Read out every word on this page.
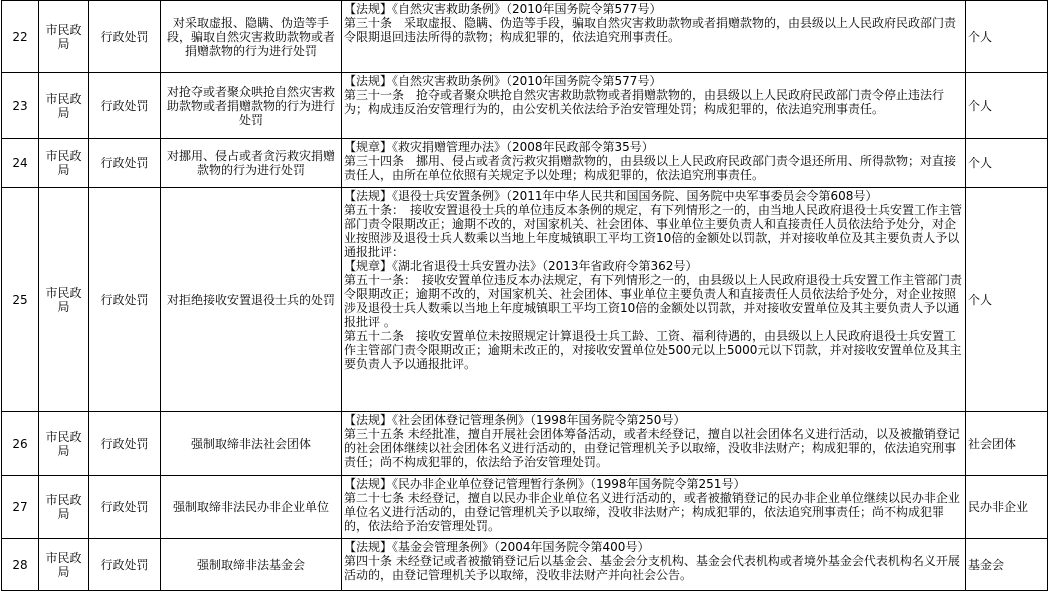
22	市民政局	行政处罚	对采取虚报、隐瞒、伪造等手段，骗取自然灾害救助款物或者捐赠款物的行为进行处罚	【法规】《自然灾害救助条例》（2010年国务院令第577号）
第三十条　采取虚报、隐瞒、伪造等手段，骗取自然灾害救助款物或者捐赠款物的，由县级以上人民政府民政部门责令限期退回违法所得的款物；构成犯罪的，依法追究刑事责任。	个人
23	市民政局	行政处罚	对抢夺或者聚众哄抢自然灾害救助款物或者捐赠款物的行为进行处罚	【法规】《自然灾害救助条例》（2010年国务院令第577号）
第三十一条　抢夺或者聚众哄抢自然灾害救助款物或者捐赠款物的，由县级以上人民政府民政部门责令停止违法行为；构成违反治安管理行为的，由公安机关依法给予治安管理处罚；构成犯罪的，依法追究刑事责任。	个人
24	市民政局	行政处罚	对挪用、侵占或者贪污救灾捐赠款物的行为进行处罚	【规章】《救灾捐赠管理办法》（2008年民政部令第35号）
第三十四条　挪用、侵占或者贪污救灾捐赠款物的，由县级以上人民政府民政部门责令退还所用、所得款物；对直接责任人，由所在单位依照有关规定予以处理；构成犯罪的，依法追究刑事责任。	个人
25	市民政局	行政处罚	对拒绝接收安置退役士兵的处罚	【法规】《退役士兵安置条例》（2011年中华人民共和国国务院、国务院中央军事委员会令第608号）
第五十条：　接收安置退役士兵的单位违反本条例的规定，有下列情形之一的，由当地人民政府退役士兵安置工作主管部门责令限期改正；逾期不改的，对国家机关、社会团体、事业单位主要负责人和直接责任人员依法给予处分，对企业按照涉及退役士兵人数乘以当地上年度城镇职工平均工资10倍的金额处以罚款，并对接收单位及其主要负责人予以通报批评：
【规章】《湖北省退役士兵安置办法》（2013年省政府令第362号）
第五十一条：　接收安置单位违反本办法规定，有下列情形之一的，由县级以上人民政府退役士兵安置工作主管部门责令限期改正；逾期不改的，对国家机关、社会团体、事业单位主要负责人和直接责任人员依法给予处分，对企业按照涉及退役士兵人数乘以当地上年度城镇职工平均工资10倍的金额处以罚款，并对接收安置单位及其主要负责人予以通报批评 。
第五十二条　接收安置单位未按照规定计算退役士兵工龄、工资、福利待遇的，由县级以上人民政府退役士兵安置工作主管部门责令限期改正；逾期未改正的，对接收安置单位处500元以上5000元以下罚款，并对接收安置单位及其主要负责人予以通报批评。	个人
26	市民政局	行政处罚	强制取缔非法社会团体	【法规】《社会团体登记管理条例》（1998年国务院令第250号）
第三十五条 未经批准，擅自开展社会团体筹备活动，或者未经登记，擅自以社会团体名义进行活动，以及被撤销登记的社会团体继续以社会团体名义进行活动的，由登记管理机关予以取缔，没收非法财产；构成犯罪的，依法追究刑事责任；尚不构成犯罪的，依法给予治安管理处罚。	社会团体
27	市民政局	行政处罚	强制取缔非法民办非企业单位	【法规】《民办非企业单位登记管理暂行条例》（1998年国务院令第251号）
第二十七条 未经登记，擅自以民办非企业单位名义进行活动的，或者被撤销登记的民办非企业单位继续以民办非企业单位名义进行活动的，由登记管理机关予以取缔，没收非法财产；构成犯罪的，依法追究刑事责任；尚不构成犯罪的，依法给予治安管理处罚。	民办非企业
28	市民政局	行政处罚	强制取缔非法基金会	【法规】《基金会管理条例》（2004年国务院令第400号）
第四十条 未经登记或者被撤销登记后以基金会、基金会分支机构、基金会代表机构或者境外基金会代表机构名义开展活动的，由登记管理机关予以取缔，没收非法财产并向社会公告。	基金会
